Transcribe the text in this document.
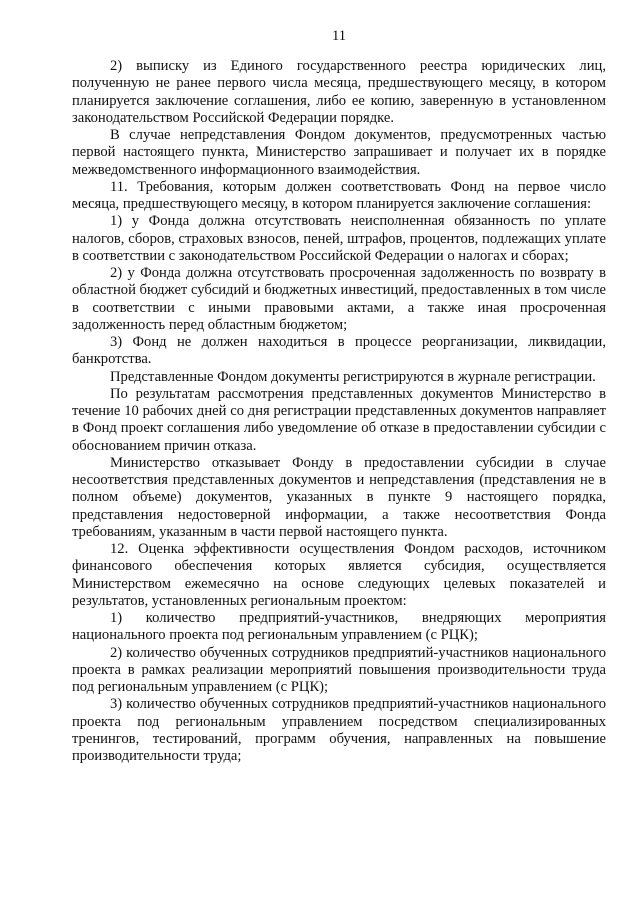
11

2) выписку из Единого государственного реестра юридических лиц, полученную не ранее первого числа месяца, предшествующего месяцу, в котором планируется заключение соглашения, либо ее копию, заверенную в установленном законодательством Российской Федерации порядке.

В случае непредставления Фондом документов, предусмотренных частью первой настоящего пункта, Министерство запрашивает и получает их в порядке межведомственного информационного взаимодействия.

11. Требования, которым должен соответствовать Фонд на первое число месяца, предшествующего месяцу, в котором планируется заключение соглашения:

1) у Фонда должна отсутствовать неисполненная обязанность по уплате налогов, сборов, страховых взносов, пеней, штрафов, процентов, подлежащих уплате в соответствии с законодательством Российской Федерации о налогах и сборах;

2) у Фонда должна отсутствовать просроченная задолженность по возврату в областной бюджет субсидий и бюджетных инвестиций, предоставленных в том числе в соответствии с иными правовыми актами, а также иная просроченная задолженность перед областным бюджетом;

3) Фонд не должен находиться в процессе реорганизации, ликвидации, банкротства.

Представленные Фондом документы регистрируются в журнале регистрации.

По результатам рассмотрения представленных документов Министерство в течение 10 рабочих дней со дня регистрации представленных документов направляет в Фонд проект соглашения либо уведомление об отказе в предоставлении субсидии с обоснованием причин отказа.

Министерство отказывает Фонду в предоставлении субсидии в случае несоответствия представленных документов и непредставления (представления не в полном объеме) документов, указанных в пункте 9 настоящего порядка, представления недостоверной информации, а также несоответствия Фонда требованиям, указанным в части первой настоящего пункта.

12. Оценка эффективности осуществления Фондом расходов, источником финансового обеспечения которых является субсидия, осуществляется Министерством ежемесячно на основе следующих целевых показателей и результатов, установленных региональным проектом:

1) количество предприятий-участников, внедряющих мероприятия национального проекта под региональным управлением (с РЦК);

2) количество обученных сотрудников предприятий-участников национального проекта в рамках реализации мероприятий повышения производительности труда под региональным управлением (с РЦК);

3) количество обученных сотрудников предприятий-участников национального проекта под региональным управлением посредством специализированных тренингов, тестирований, программ обучения, направленных на повышение производительности труда;
